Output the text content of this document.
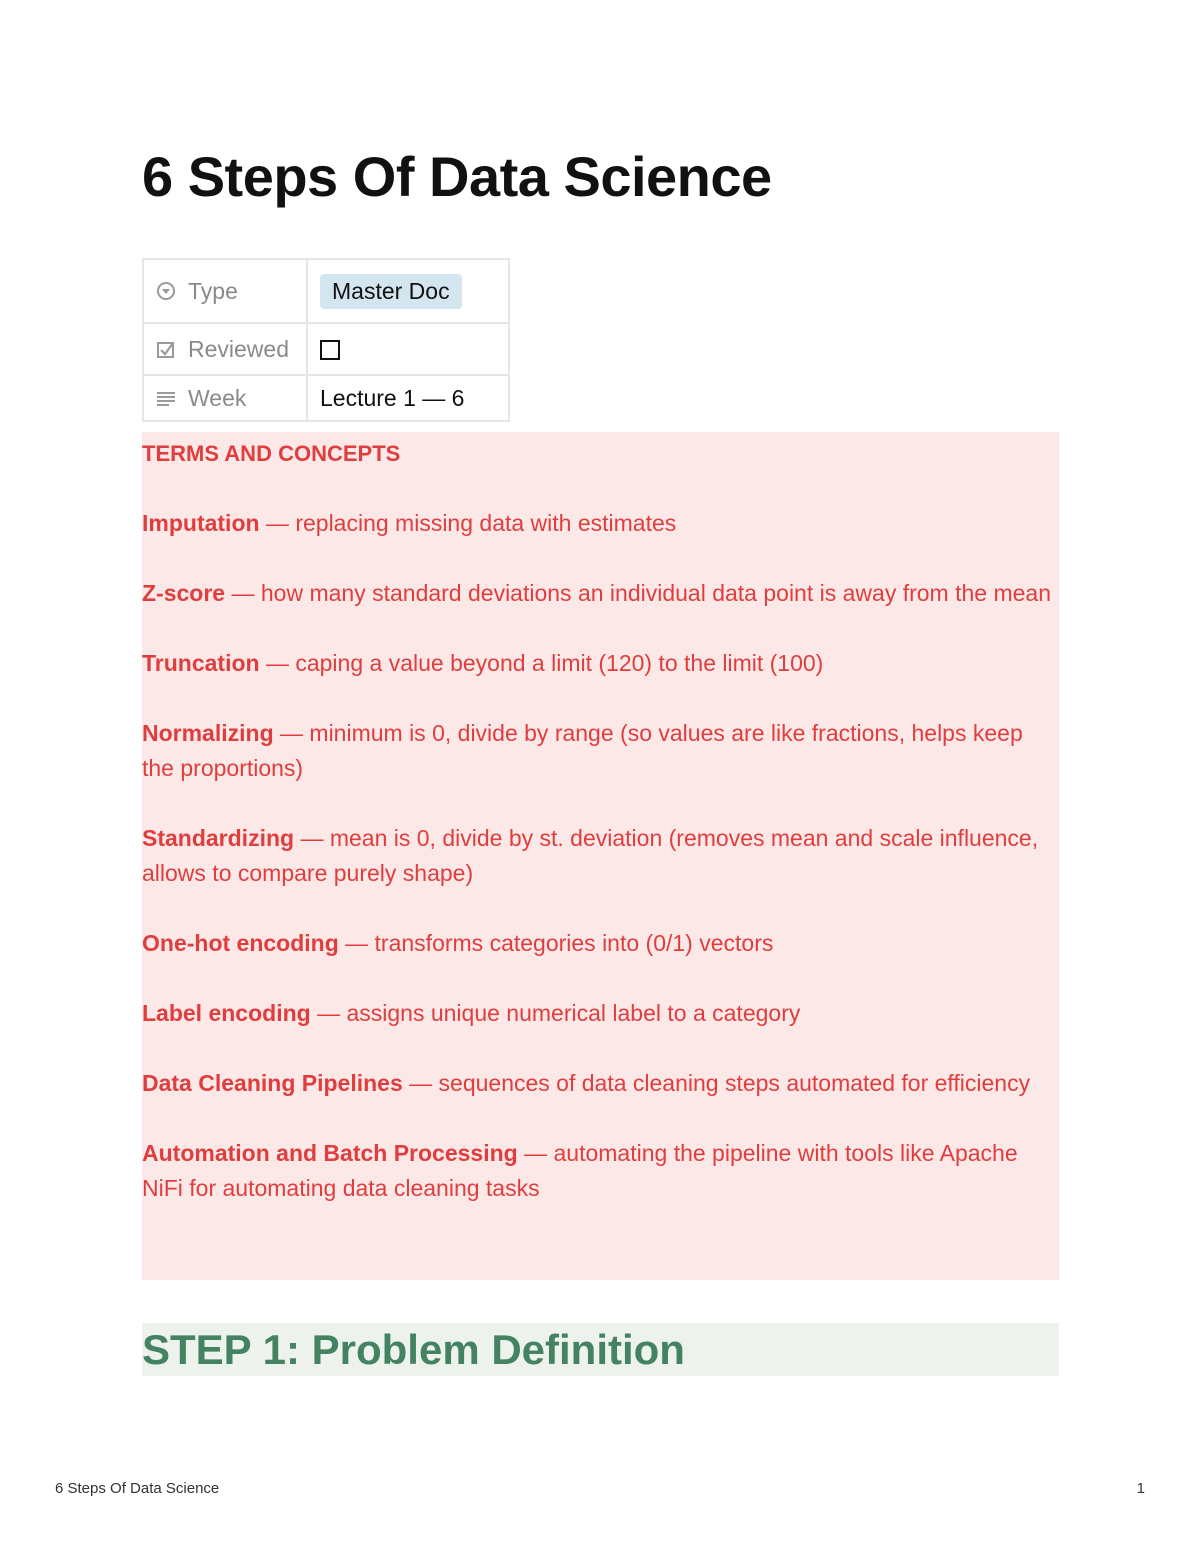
6 Steps Of Data Science
Type	Master Doc

Reviewed	

Week	Lecture 1 — 6
TERMS AND CONCEPTS

Imputation — replacing missing data with estimates

Z-score — how many standard deviations an individual data point is away from the mean

Truncation — caping a value beyond a limit (120) to the limit (100)

Normalizing — minimum is 0, divide by range (so values are like fractions, helps keep the proportions)

Standardizing — mean is 0, divide by st. deviation (removes mean and scale influence, allows to compare purely shape)

One-hot encoding — transforms categories into (0/1) vectors

Label encoding — assigns unique numerical label to a category

Data Cleaning Pipelines — sequences of data cleaning steps automated for efficiency

Automation and Batch Processing — automating the pipeline with tools like Apache NiFi for automating data cleaning tasks

STEP 1: Problem Definition
6 Steps Of Data Science	1
